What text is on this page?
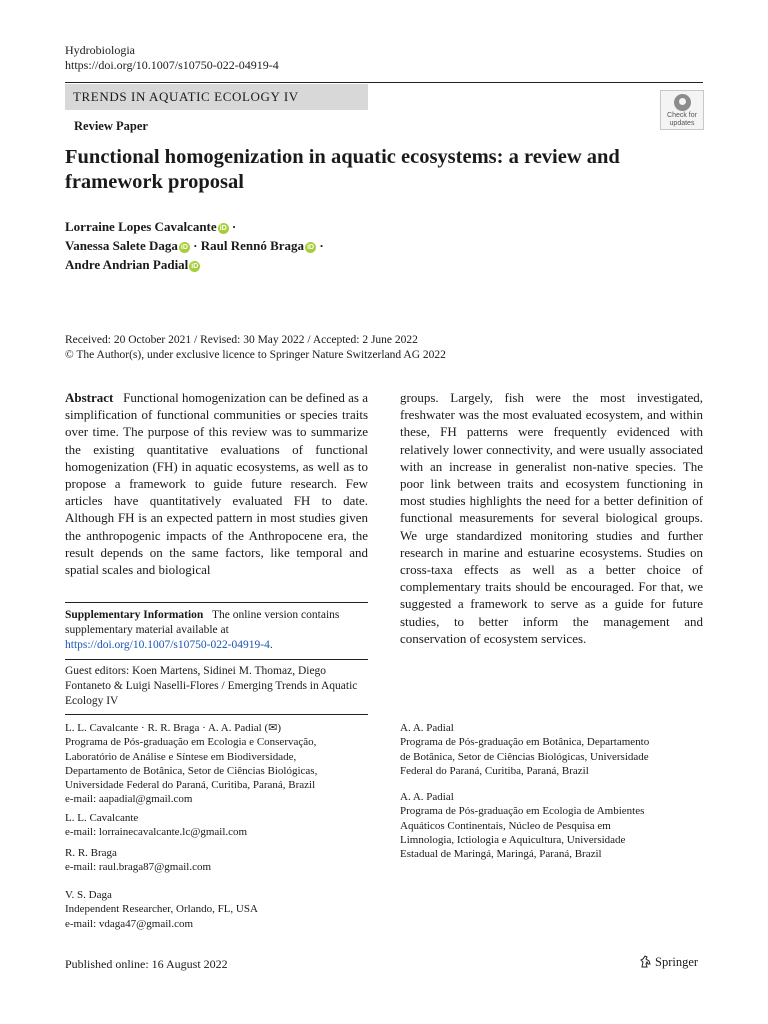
Hydrobiologia
https://doi.org/10.1007/s10750-022-04919-4
TRENDS IN AQUATIC ECOLOGY IV
Check for
updates
Review Paper
Functional homogenization in aquatic ecosystems: a review and framework proposal
Lorraine Lopes Cavalcante iD ·
Vanessa Salete Daga iD · Raul Rennó Braga iD ·
Andre Andrian Padial iD
Received: 20 October 2021 / Revised: 30 May 2022 / Accepted: 2 June 2022
© The Author(s), under exclusive licence to Springer Nature Switzerland AG 2022
Abstract Functional homogenization can be defined as a simplification of functional communities or species traits over time. The purpose of this review was to summarize the existing quantitative evaluations of functional homogenization (FH) in aquatic ecosystems, as well as to propose a framework to guide future research. Few articles have quantitatively evaluated FH to date. Although FH is an expected pattern in most studies given the anthropogenic impacts of the Anthropocene era, the result depends on the same factors, like temporal and spatial scales and biological
groups. Largely, fish were the most investigated, freshwater was the most evaluated ecosystem, and within these, FH patterns were frequently evidenced with relatively lower connectivity, and were usually associated with an increase in generalist non-native species. The poor link between traits and ecosystem functioning in most studies highlights the need for a better definition of functional measurements for several biological groups. We urge standardized monitoring studies and further research in marine and estuarine ecosystems. Studies on cross-taxa effects as well as a better choice of complementary traits should be encouraged. For that, we suggested a framework to serve as a guide for future studies, to better inform the management and conservation of ecosystem services.
Supplementary Information The online version contains supplementary material available at https://doi.org/10.1007/s10750-022-04919-4.
Guest editors: Koen Martens, Sidinei M. Thomaz, Diego Fontaneto & Luigi Naselli-Flores / Emerging Trends in Aquatic Ecology IV
L. L. Cavalcante · R. R. Braga · A. A. Padial (✉)
Programa de Pós-graduação em Ecologia e Conservação,
Laboratório de Análise e Síntese em Biodiversidade,
Departamento de Botânica, Setor de Ciências Biológicas,
Universidade Federal do Paraná, Curitiba, Paraná, Brazil
e-mail: aapadial@gmail.com
L. L. Cavalcante
e-mail: lorrainecavalcante.lc@gmail.com
R. R. Braga
e-mail: raul.braga87@gmail.com
V. S. Daga
Independent Researcher, Orlando, FL, USA
e-mail: vdaga47@gmail.com
A. A. Padial
Programa de Pós-graduação em Botânica, Departamento
de Botânica, Setor de Ciências Biológicas, Universidade
Federal do Paraná, Curitiba, Paraná, Brazil
A. A. Padial
Programa de Pós-graduação em Ecologia de Ambientes
Aquáticos Continentais, Núcleo de Pesquisa em
Limnologia, Ictiologia e Aquicultura, Universidade
Estadual de Maringá, Maringá, Paraná, Brazil
Published online: 16 August 2022	Springer
